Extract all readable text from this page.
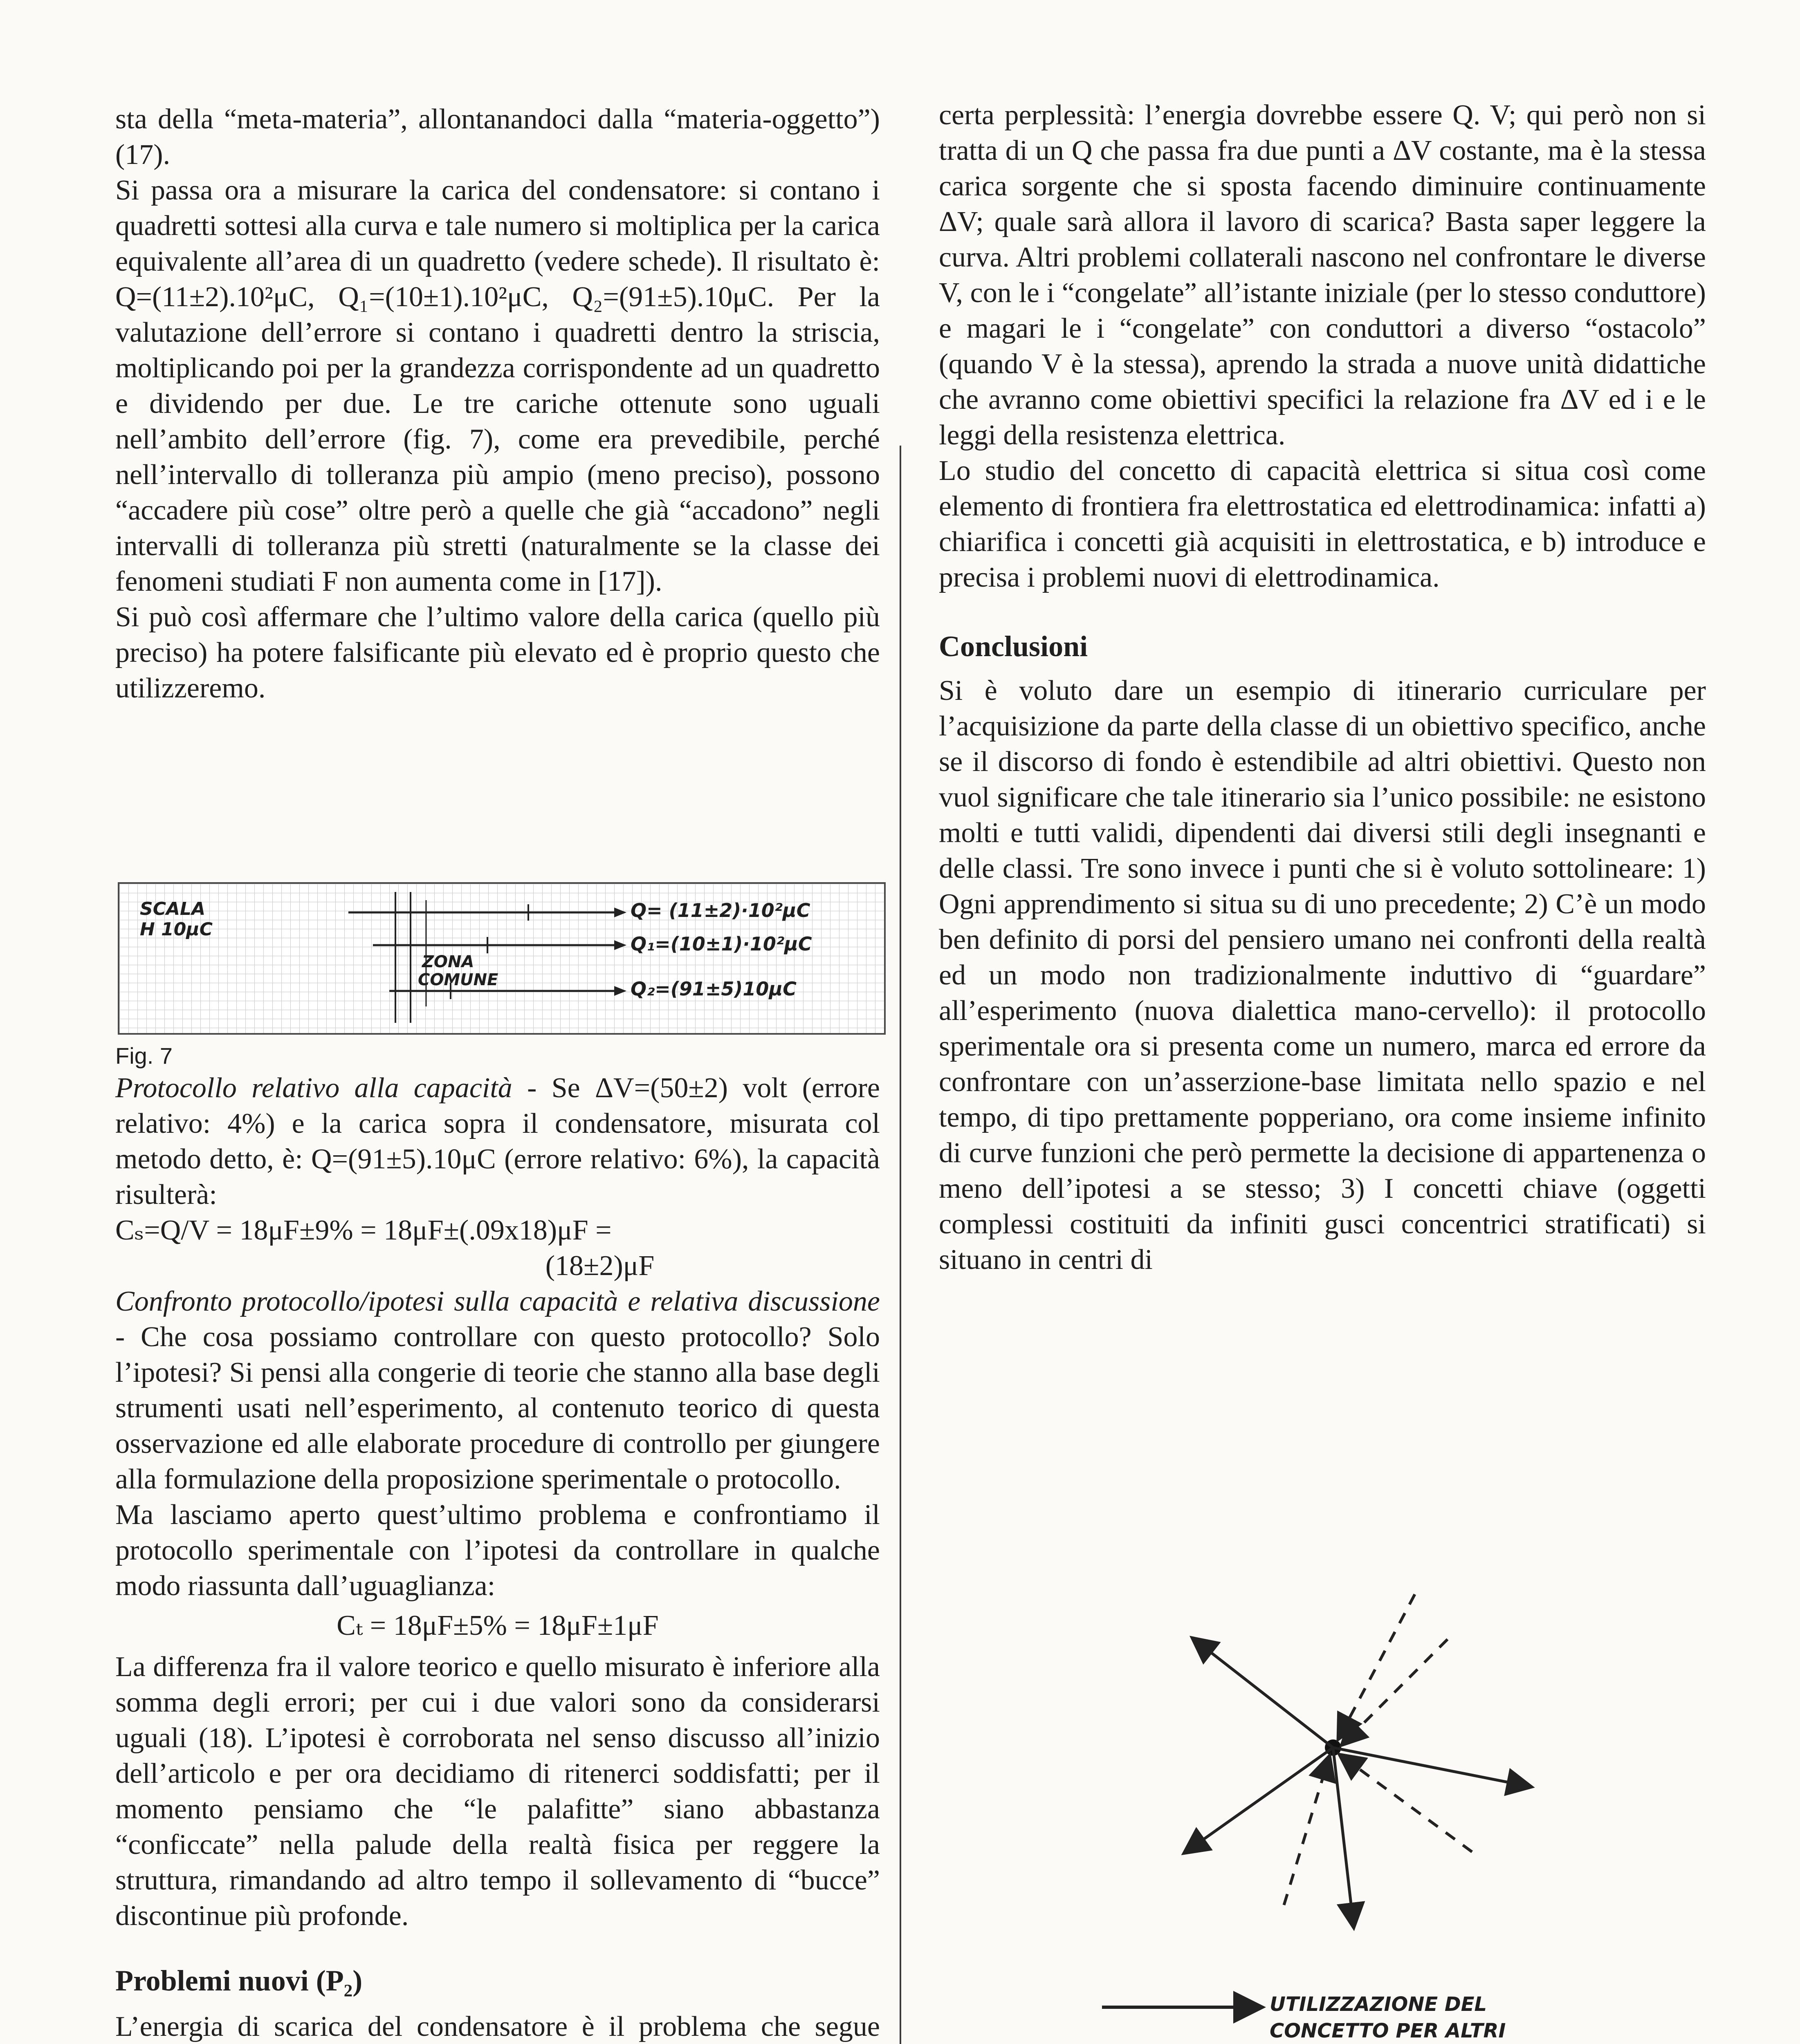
sta della “meta-materia”, allontanandoci dalla “materia-oggetto”) (17).

Si passa ora a misurare la carica del condensatore: si contano i quadretti sottesi alla curva e tale numero si moltiplica per la carica equivalente all’area di un quadretto (vedere schede). Il risultato è: Q=(11±2).10²μC, Q₁=(10±1).10²μC, Q₂=(91±5).10μC. Per la valutazione dell’errore si contano i quadretti dentro la striscia, moltiplicando poi per la grandezza corrispondente ad un quadretto e dividendo per due. Le tre cariche ottenute sono uguali nell’ambito dell’errore (fig. 7), come era prevedibile, perché nell’intervallo di tolleranza più ampio (meno preciso), possono “accadere più cose” oltre però a quelle che già “accadono” negli intervalli di tolleranza più stretti (naturalmente se la classe dei fenomeni studiati F non aumenta come in [17]).

Si può così affermare che l’ultimo valore della carica (quello più preciso) ha potere falsificante più elevato ed è proprio questo che utilizzeremo.

SCALA
H 10μC
ZONA
COMUNE
Q= (11±2)·10²μC
Q₁=(10±1)·10²μC
Q₂=(91±5)10μC

Fig. 7

Protocollo relativo alla capacità - Se ΔV=(50±2) volt (errore relativo: 4%) e la carica sopra il condensatore, misurata col metodo detto, è: Q=(91±5).10μC (errore relativo: 6%), la capacità risulterà:

Cₛ=Q/V = 18μF±9% = 18μF±(.09x18)μF =

(18±2)μF

Confronto protocollo/ipotesi sulla capacità e relativa discussione - Che cosa possiamo controllare con questo protocollo? Solo l’ipotesi? Si pensi alla congerie di teorie che stanno alla base degli strumenti usati nell’esperimento, al contenuto teorico di questa osservazione ed alle elaborate procedure di controllo per giungere alla formulazione della proposizione sperimentale o protocollo.

Ma lasciamo aperto quest’ultimo problema e confrontiamo il protocollo sperimentale con l’ipotesi da controllare in qualche modo riassunta dall’uguaglianza:

Cₜ = 18μF±5% = 18μF±1μF

La differenza fra il valore teorico e quello misurato è inferiore alla somma degli errori; per cui i due valori sono da considerarsi uguali (18). L’ipotesi è corroborata nel senso discusso all’inizio dell’articolo e per ora decidiamo di ritenerci soddisfatti; per il momento pensiamo che “le palafitte” siano abbastanza “conficcate” nella palude della realtà fisica per reggere la struttura, rimandando ad altro tempo il sollevamento di “bucce” discontinue più profonde.

Problemi nuovi (P₂)

L’energia di scarica del condensatore è il problema che segue

certa perplessità: l’energia dovrebbe essere Q. V; qui però non si tratta di un Q che passa fra due punti a ΔV costante, ma è la stessa carica sorgente che si sposta facendo diminuire continuamente ΔV; quale sarà allora il lavoro di scarica? Basta saper leggere la curva. Altri problemi collaterali nascono nel confrontare le diverse V, con le i “congelate” all’istante iniziale (per lo stesso conduttore) e magari le i “congelate” con conduttori a diverso “ostacolo” (quando V è la stessa), aprendo la strada a nuove unità didattiche che avranno come obiettivi specifici la relazione fra ΔV ed i e le leggi della resistenza elettrica.

Lo studio del concetto di capacità elettrica si situa così come elemento di frontiera fra elettrostatica ed elettrodinamica: infatti a) chiarifica i concetti già acquisiti in elettrostatica, e b) introduce e precisa i problemi nuovi di elettrodinamica.

Conclusioni

Si è voluto dare un esempio di itinerario curriculare per l’acquisizione da parte della classe di un obiettivo specifico, anche se il discorso di fondo è estendibile ad altri obiettivi. Questo non vuol significare che tale itinerario sia l’unico possibile: ne esistono molti e tutti validi, dipendenti dai diversi stili degli insegnanti e delle classi. Tre sono invece i punti che si è voluto sottolineare: 1) Ogni apprendimento si situa su di uno precedente; 2) C’è un modo ben definito di porsi del pensiero umano nei confronti della realtà ed un modo non tradizionalmente induttivo di “guardare” all’esperimento (nuova dialettica mano-cervello): il protocollo sperimentale ora si presenta come un numero, marca ed errore da confrontare con un’asserzione-base limitata nello spazio e nel tempo, di tipo prettamente popperiano, ora come insieme infinito di curve funzioni che però permette la decisione di appartenenza o meno dell’ipotesi a se stesso; 3) I concetti chiave (oggetti complessi costituiti da infiniti gusci concentrici stratificati) si situano in centri di

UTILIZZAZIONE DEL
CONCETTO PER ALTRI
